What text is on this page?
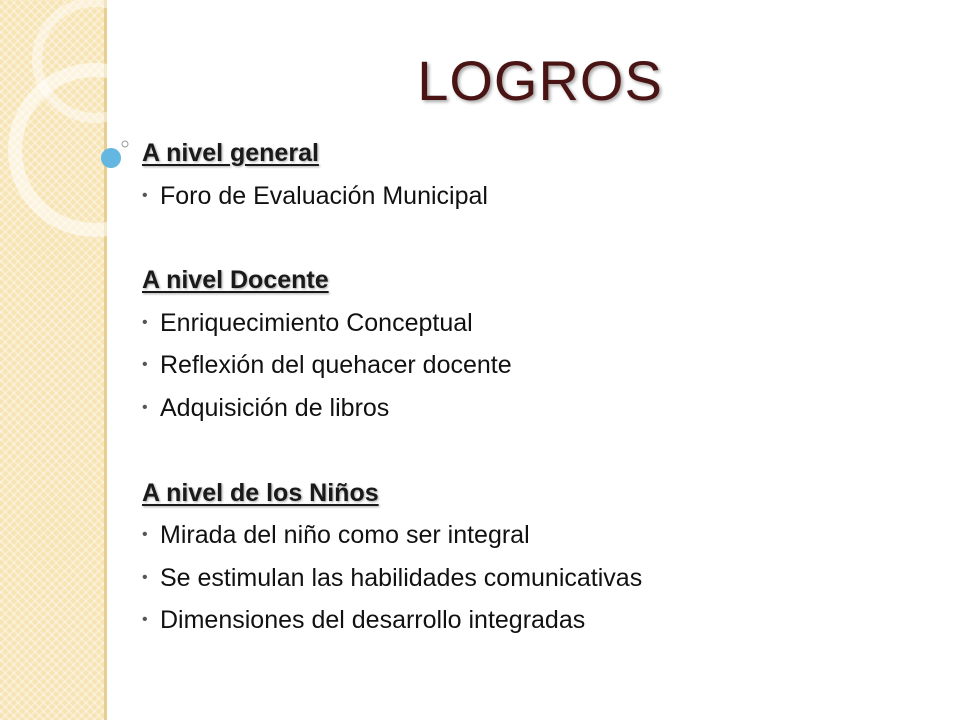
LOGROS

A nivel general

• Foro de Evaluación Municipal

A nivel Docente

• Enriquecimiento Conceptual
• Reflexión del quehacer docente
• Adquisición de libros

A nivel de los Niños

• Mirada del niño como ser integral
• Se estimulan las habilidades comunicativas
• Dimensiones del desarrollo integradas
